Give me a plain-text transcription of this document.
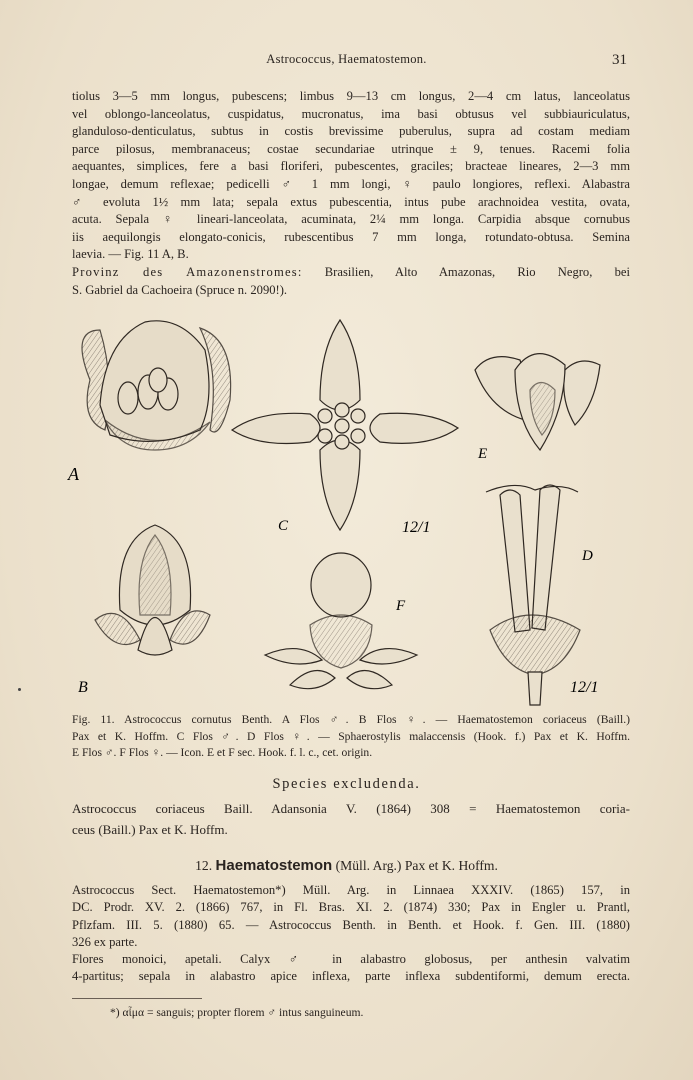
Astrococcus, Haematostemon.	31
tiolus 3—5 mm longus, pubescens; limbus 9—13 cm longus, 2—4 cm latus, lanceolatus
vel oblongo-lanceolatus, cuspidatus, mucronatus, ima basi obtusus vel subbiauriculatus,
glanduloso-denticulatus, subtus in costis brevissime puberulus, supra ad costam mediam
parce pilosus, membranaceus; costae secundariae utrinque ± 9, tenues. Racemi folia
aequantes, simplices, fere a basi floriferi, pubescentes, graciles; bracteae lineares, 2—3 mm
longae, demum reflexae; pedicelli ♂ 1 mm longi, ♀ paulo longiores, reflexi. Alabastra
♂ evoluta 1½ mm lata; sepala extus pubescentia, intus pube arachnoidea vestita, ovata,
acuta. Sepala ♀ lineari-lanceolata, acuminata, 2¼ mm longa. Carpidia absque cornubus
iis aequilongis elongato-conicis, rubescentibus 7 mm longa, rotundato-obtusa. Semina
laevia. — Fig. 11 A, B.
Provinz des Amazonenstromes: Brasilien, Alto Amazonas, Rio Negro, bei
S. Gabriel da Cachoeira (Spruce n. 2090!).
A
C	12/1
E
B
F
D
12/1
Fig. 11. Astrococcus cornutus Benth. A Flos ♂. B Flos ♀. — Haematostemon coriaceus (Baill.)
Pax et K. Hoffm. C Flos ♂. D Flos ♀. — Sphaerostylis malaccensis (Hook. f.) Pax et K. Hoffm.
E Flos ♂. F Flos ♀. — Icon. E et F sec. Hook. f. l. c., cet. origin.
Species excludenda.
Astrococcus coriaceus Baill. Adansonia V. (1864) 308 = Haematostemon coria-
ceus (Baill.) Pax et K. Hoffm.
12. Haematostemon (Müll. Arg.) Pax et K. Hoffm.
Astrococcus Sect. Haematostemon*) Müll. Arg. in Linnaea XXXIV. (1865) 157, in
DC. Prodr. XV. 2. (1866) 767, in Fl. Bras. XI. 2. (1874) 330; Pax in Engler u. Prantl,
Pflzfam. III. 5. (1880) 65. — Astrococcus Benth. in Benth. et Hook. f. Gen. III. (1880)
326 ex parte.
Flores monoici, apetali. Calyx ♂ in alabastro globosus, per anthesin valvatim
4-partitus; sepala in alabastro apice inflexa, parte inflexa subdentiformi, demum erecta.
*) αἷμα = sanguis; propter florem ♂ intus sanguineum.
